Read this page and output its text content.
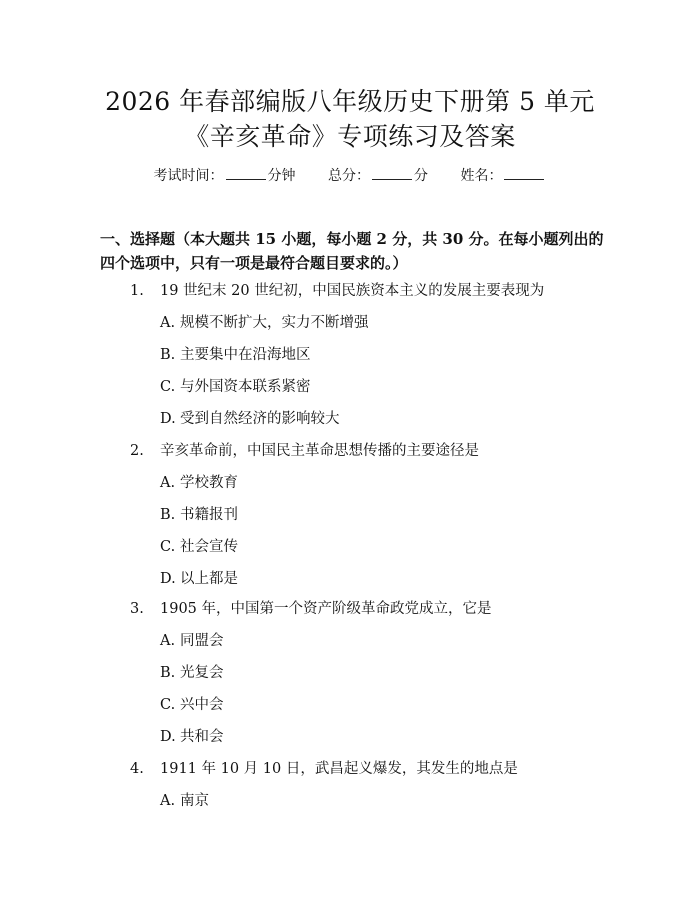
2026 年春部编版八年级历史下册第 5 单元
《辛亥革命》专项练习及答案
考试时间：	分钟 总分：	分 姓名：
一、选择题（本大题共 15 小题，每小题 2 分，共 30 分。在每小题列出的四个选项中，只有一项是最符合题目要求的。）
1. 19 世纪末 20 世纪初，中国民族资本主义的发展主要表现为
A. 规模不断扩大，实力不断增强
B. 主要集中在沿海地区
C. 与外国资本联系紧密
D. 受到自然经济的影响较大
2. 辛亥革命前，中国民主革命思想传播的主要途径是
A. 学校教育
B. 书籍报刊
C. 社会宣传
D. 以上都是
3. 1905 年，中国第一个资产阶级革命政党成立，它是
A. 同盟会
B. 光复会
C. 兴中会
D. 共和会
4. 1911 年 10 月 10 日，武昌起义爆发，其发生的地点是
A. 南京
